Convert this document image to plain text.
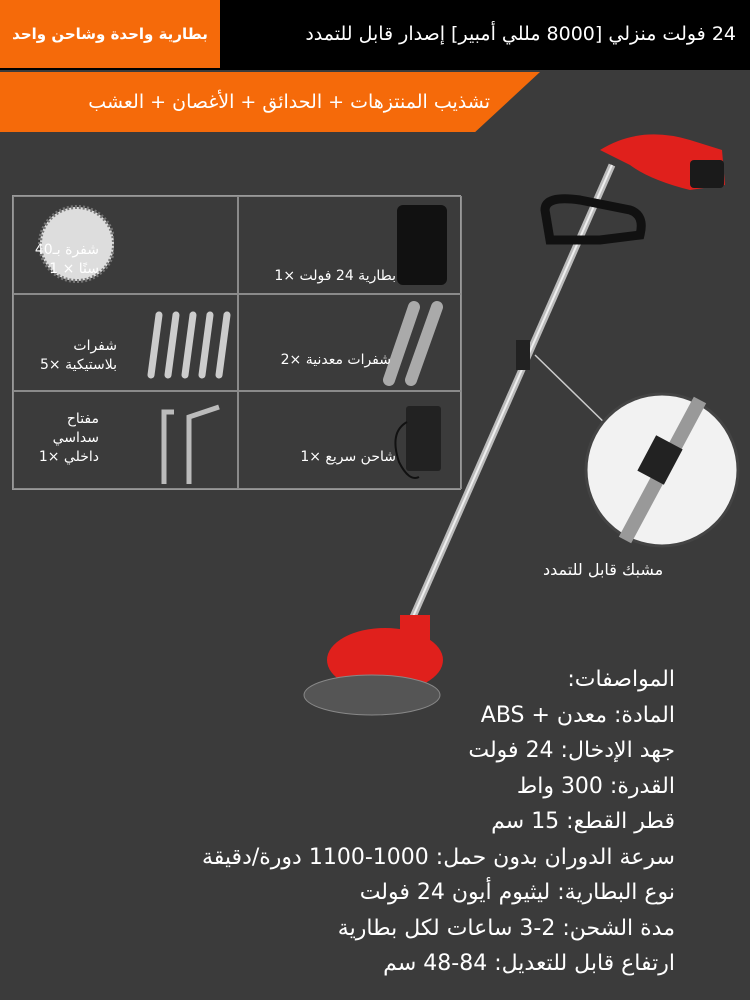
بطارية واحدة وشاحن واحد	24 فولت منزلي [8000 مللي أمبير] إصدار قابل للتمدد
تشذيب المنتزهات + الحدائق + الأغصان + العشب
شفرة بـ40
سنًا × 1	بطارية 24 فولت ×1
شفرات
بلاستيكية ×5	شفرات معدنية ×2
مفتاح
سداسي
داخلي ×1	شاحن سريع ×1
مشبك قابل للتمدد
المواصفات:
المادة: معدن + ABS
جهد الإدخال: 24 فولت
القدرة: 300 واط
قطر القطع: 15 سم
سرعة الدوران بدون حمل: 1000-1100 دورة/دقيقة
نوع البطارية: ليثيوم أيون 24 فولت
مدة الشحن: 2-3 ساعات لكل بطارية
ارتفاع قابل للتعديل: 84-48 سم
